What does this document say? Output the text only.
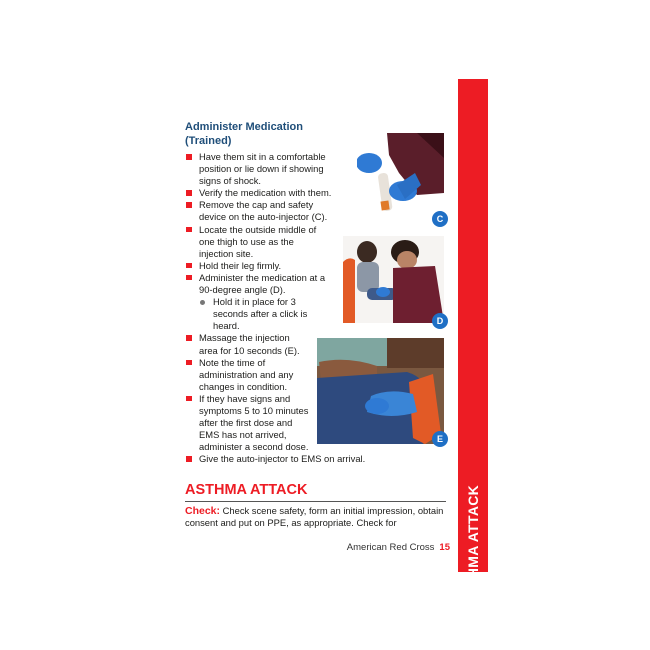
ASTHMA ATTACK
Administer Medication (Trained)
Have them sit in a comfortable position or lie down if showing signs of shock.
Verify the medication with them.
Remove the cap and safety device on the auto-injector (C).
Locate the outside middle of one thigh to use as the injection site.
Hold their leg firmly.
Administer the medication at a 90-degree angle (D).
Hold it in place for 3 seconds after a click is heard.
Massage the injection area for 10 seconds (E).
Note the time of administration and any changes in condition.
If they have signs and symptoms 5 to 10 minutes after the first dose and EMS has not arrived, administer a second dose.
Give the auto-injector to EMS on arrival.
C
D
E
ASTHMA ATTACK

Check: Check scene safety, form an initial impression, obtain consent and put on PPE, as appropriate. Check for

American Red Cross 15
